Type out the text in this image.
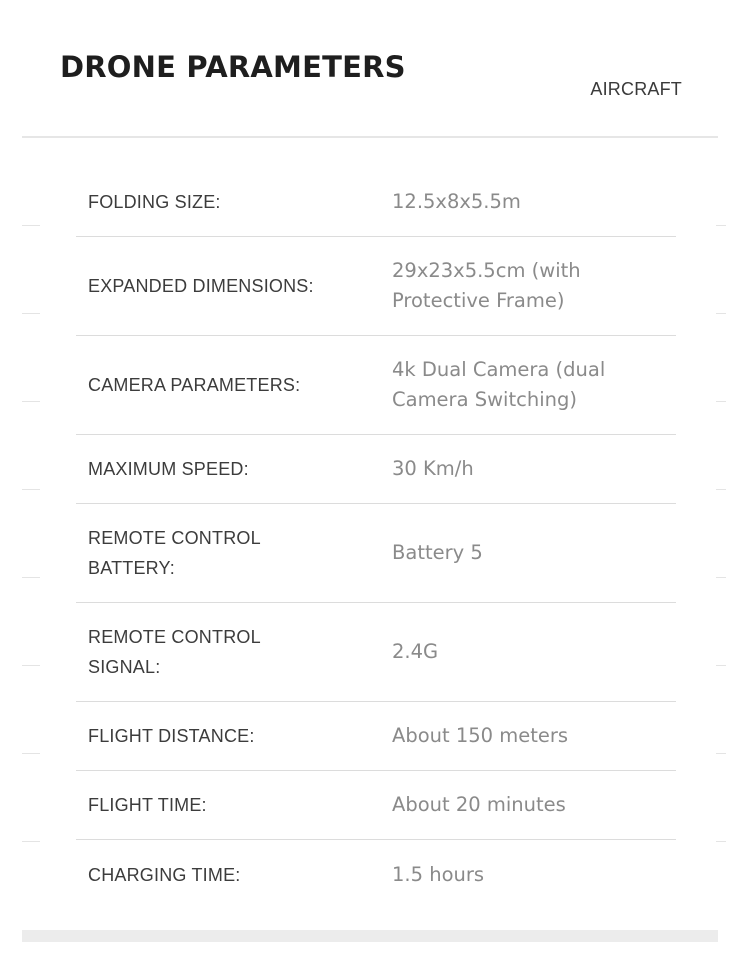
DRONE PARAMETERS
AIRCRAFT
FOLDING SIZE:	12.5x8x5.5m
EXPANDED DIMENSIONS:
29x23x5.5cm (with Protective Frame)
CAMERA PARAMETERS:
4k Dual Camera (dual Camera Switching)
MAXIMUM SPEED:	30 Km/h
REMOTE CONTROL BATTERY:
Battery 5
REMOTE CONTROL SIGNAL:
2.4G
FLIGHT DISTANCE:	About 150 meters
FLIGHT TIME:	About 20 minutes
CHARGING TIME:	1.5 hours
